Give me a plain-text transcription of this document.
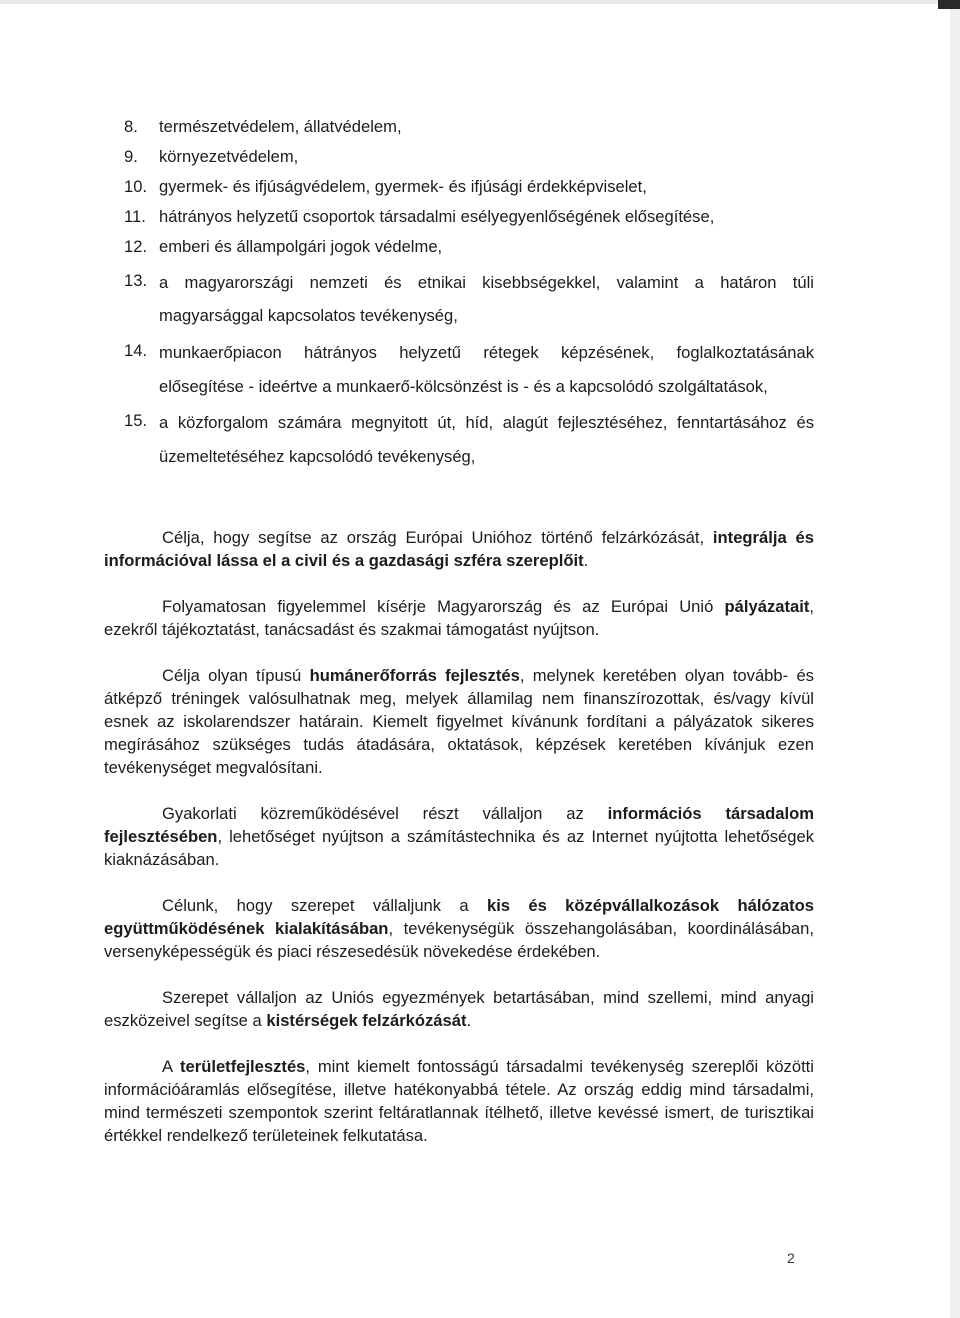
8. természetvédelem, állatvédelem,
9. környezetvédelem,
10. gyermek- és ifjúságvédelem, gyermek- és ifjúsági érdekképviselet,
11. hátrányos helyzetű csoportok társadalmi esélyegyenlőségének elősegítése,
12. emberi és állampolgári jogok védelme,
13. a magyarországi nemzeti és etnikai kisebbségekkel, valamint a határon túli magyarsággal kapcsolatos tevékenység,
14. munkaerőpiacon hátrányos helyzetű rétegek képzésének, foglalkoztatásának elősegítése - ideértve a munkaerő-kölcsönzést is - és a kapcsolódó szolgáltatások,
15. a közforgalom számára megnyitott út, híd, alagút fejlesztéséhez, fenntartásához és üzemeltetéséhez kapcsolódó tevékenység,

Célja, hogy segítse az ország Európai Unióhoz történő felzárkózását, integrálja és információval lássa el a civil és a gazdasági szféra szereplőit.

Folyamatosan figyelemmel kísérje Magyarország és az Európai Unió pályázatait, ezekről tájékoztatást, tanácsadást és szakmai támogatást nyújtson.

Célja olyan típusú humánerőforrás fejlesztés, melynek keretében olyan tovább- és átképző tréningek valósulhatnak meg, melyek államilag nem finanszírozottak, és/vagy kívül esnek az iskolarendszer határain. Kiemelt figyelmet kívánunk fordítani a pályázatok sikeres megírásához szükséges tudás átadására, oktatások, képzések keretében kívánjuk ezen tevékenységet megvalósítani.

Gyakorlati közreműködésével részt vállaljon az információs társadalom fejlesztésében, lehetőséget nyújtson a számítástechnika és az Internet nyújtotta lehetőségek kiaknázásában.

Célunk, hogy szerepet vállaljunk a kis és középvállalkozások hálózatos együttműködésének kialakításában, tevékenységük összehangolásában, koordinálásában, versenyképességük és piaci részesedésük növekedése érdekében.

Szerepet vállaljon az Uniós egyezmények betartásában, mind szellemi, mind anyagi eszközeivel segítse a kistérségek felzárkózását.

A területfejlesztés, mint kiemelt fontosságú társadalmi tevékenység szereplői közötti információáramlás elősegítése, illetve hatékonyabbá tétele. Az ország eddig mind társadalmi, mind természeti szempontok szerint feltáratlannak ítélhető, illetve kevéssé ismert, de turisztikai értékkel rendelkező területeinek felkutatása.

2
